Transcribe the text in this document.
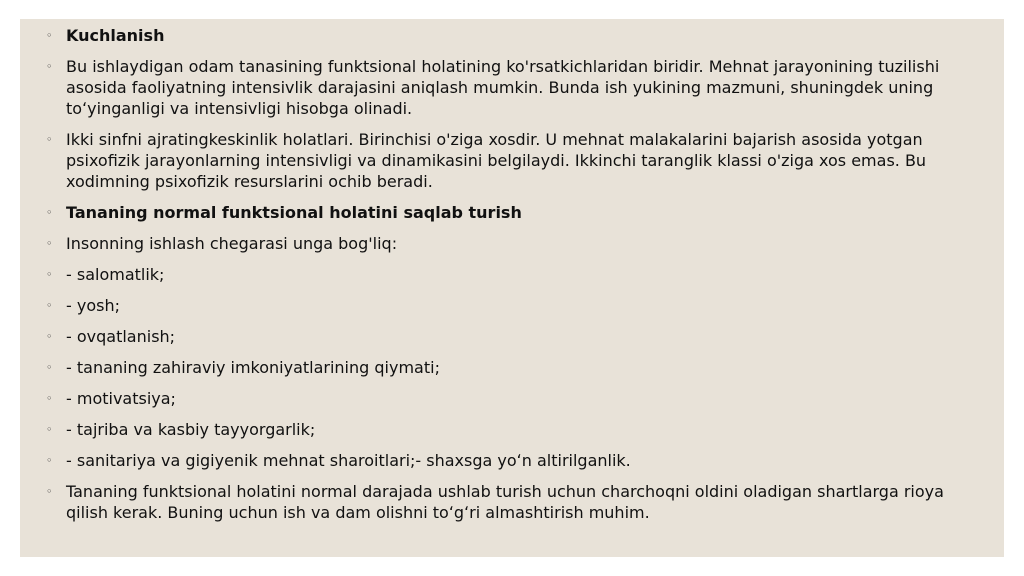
◦ Kuchlanish
◦ Bu ishlaydigan odam tanasining funktsional holatining ko'rsatkichlaridan biridir. Mehnat jarayonining tuzilishi asosida faoliyatning intensivlik darajasini aniqlash mumkin. Bunda ish yukining mazmuni, shuningdek uning toʻyinganligi va intensivligi hisobga olinadi.
◦ Ikki sinfni ajratingkeskinlik holatlari. Birinchisi o'ziga xosdir. U mehnat malakalarini bajarish asosida yotgan psixofizik jarayonlarning intensivligi va dinamikasini belgilaydi. Ikkinchi taranglik klassi o'ziga xos emas. Bu xodimning psixofizik resurslarini ochib beradi.
◦ Tananing normal funktsional holatini saqlab turish
◦ Insonning ishlash chegarasi unga bog'liq:
◦ - salomatlik;
◦ - yosh;
◦ - ovqatlanish;
◦ - tananing zahiraviy imkoniyatlarining qiymati;
◦ - motivatsiya;
◦ - tajriba va kasbiy tayyorgarlik;
◦ - sanitariya va gigiyenik mehnat sharoitlari;- shaxsga yoʻn altirilganlik.
◦ Tananing funktsional holatini normal darajada ushlab turish uchun charchoqni oldini oladigan shartlarga rioya qilish kerak. Buning uchun ish va dam olishni toʻgʻri almashtirish muhim.
